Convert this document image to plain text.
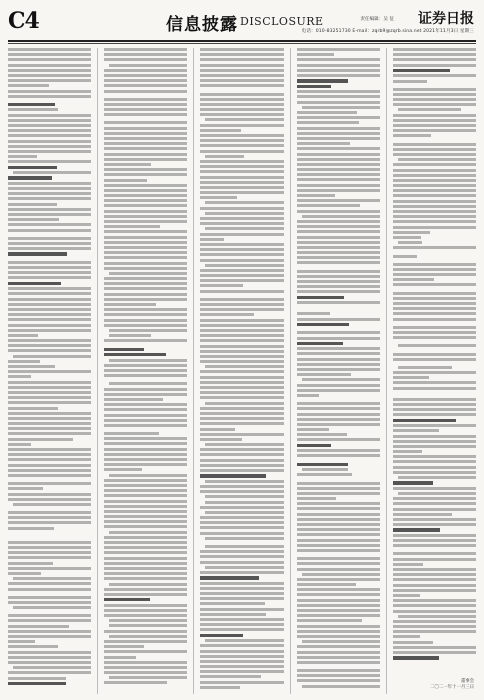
C4	信息披露 DISCLOSURE	责任编辑：吴 征 证券日报
电话：010-83251730 E-mail：zqrb9@zqrb.sina.net 2021年11月3日 星期三
董事会
二〇二一年十一月三日
